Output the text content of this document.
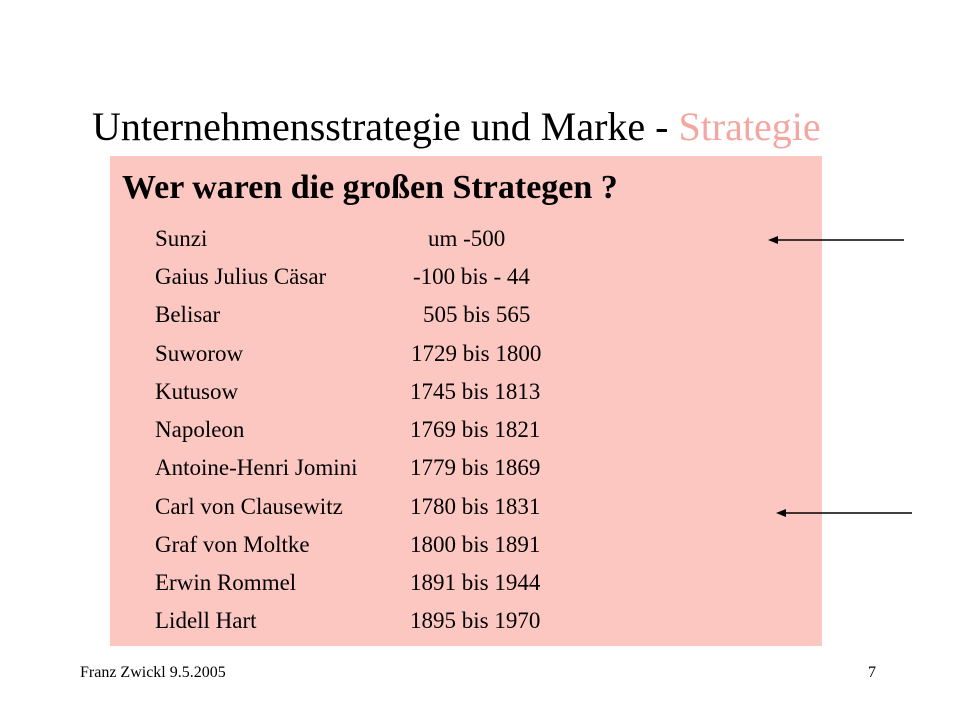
Unternehmensstrategie und Marke - Strategie
Wer waren die großen Strategen ?
Sunzi	um -500
Gaius Julius Cäsar	-100 bis - 44
Belisar	505 bis 565
Suworow	1729 bis 1800
Kutusow	1745 bis 1813
Napoleon	1769 bis 1821
Antoine-Henri Jomini 1779 bis 1869
Carl von Clausewitz	1780 bis 1831
Graf von Moltke	1800 bis 1891
Erwin Rommel	1891 bis 1944
Lidell Hart	1895 bis 1970
Franz Zwickl 9.5.2005	7
